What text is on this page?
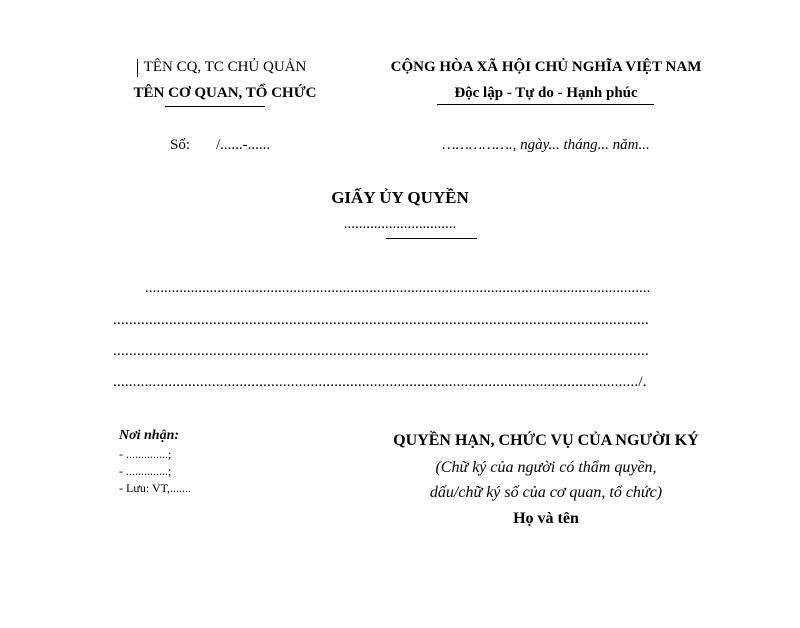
TÊN CQ, TC CHỦ QUẢN
TÊN CƠ QUAN, TỔ CHỨC
CỘNG HÒA XÃ HỘI CHỦ NGHĨA VIỆT NAM
Độc lập - Tự do - Hạnh phúc
Số: /......-......	……………., ngày... tháng... năm...
GIẤY ỦY QUYỀN
..............................
.....................................................................................................................................
......................................................................................................................................
......................................................................................................................................
...................................................................................................................................../.
Nơi nhận:
- ..............;
- ..............;
- Lưu: VT,.......
QUYỀN HẠN, CHỨC VỤ CỦA NGƯỜI KÝ
(Chữ ký của người có thẩm quyền,
dấu/chữ ký số của cơ quan, tổ chức)
Họ và tên
